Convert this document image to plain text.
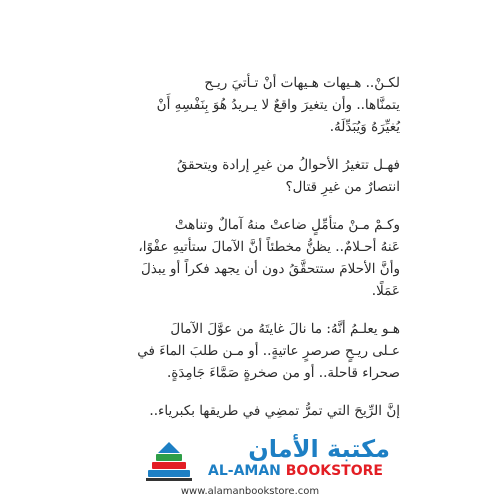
لكـنْ.. هـيهات هـيهات أنْ تـأتيَ ريـح
يتمنَّاها.. وأن يتغيرَ واقعٌ لا يـريدُ هُوَ بِنَفْسِهِ أَنْ
يُغيِّرَهُ وَيُبَدِّلَهُ.

فهـل تتغيرُ الأحوالُ من غيرِ إرادة ويتحققُ
انتصارٌ من غيرِ قتال؟

وكـمْ مـنْ متأمِّلٍ ضاعتْ منهُ آمالٌ وتناهتْ
عَنهُ أحـلامٌ.. يظنُّ مخطئاً أنَّ الآمالَ ستأتيهِ عفْوًا،
وأنَّ الأحلامَ ستتحقَّقُ دون أن يجهد فكراً أو يبذلَ
عَمَلًا.

هـو يعلـمُ أنَّهُ: ما نالَ غايتَهُ من عوَّلَ الآمالَ
عـلى ريـحٍ صرصرٍ عاتيةٍ.. أو مـن طلبَ الماءَ في
صحراء قاحلة.. أو من صخرةٍ صَمَّاءَ جَامِدَةٍ.

إنَّ الرِّيحَ التي تمرُّ تمضِي في طريقها بكبرياء..

مكتبة الأمان
AL-AMAN BOOKSTORE
www.alamanbookstore.com
